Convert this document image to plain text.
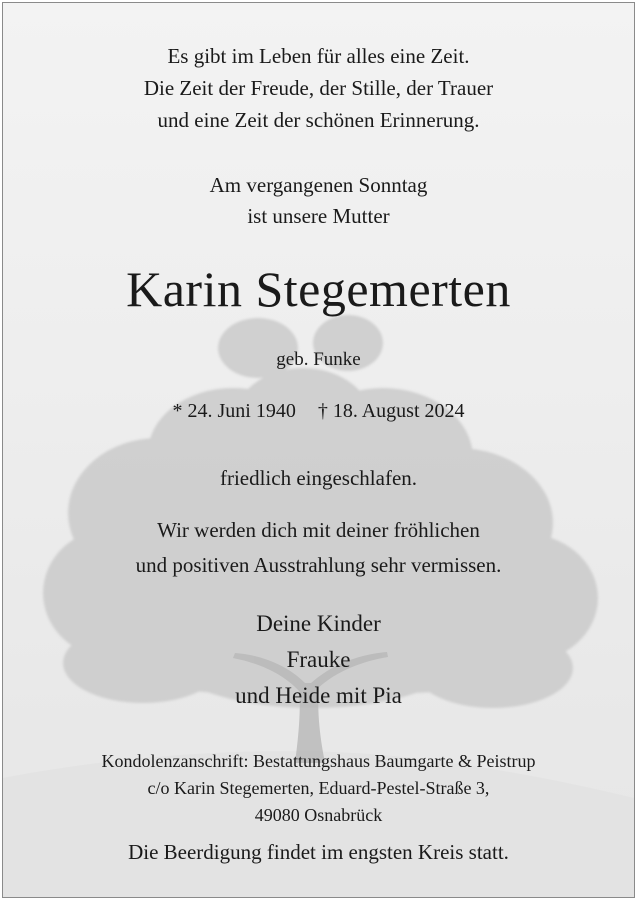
Es gibt im Leben für alles eine Zeit.
Die Zeit der Freude, der Stille, der Trauer
und eine Zeit der schönen Erinnerung.
Am vergangenen Sonntag
ist unsere Mutter
Karin Stegemerten
geb. Funke
* 24. Juni 1940 † 18. August 2024
friedlich eingeschlafen.
Wir werden dich mit deiner fröhlichen
und positiven Ausstrahlung sehr vermissen.
Deine Kinder
Frauke
und Heide mit Pia
Kondolenzanschrift: Bestattungshaus Baumgarte & Peistrup
c/o Karin Stegemerten, Eduard-Pestel-Straße 3,
49080 Osnabrück
Die Beerdigung findet im engsten Kreis statt.
